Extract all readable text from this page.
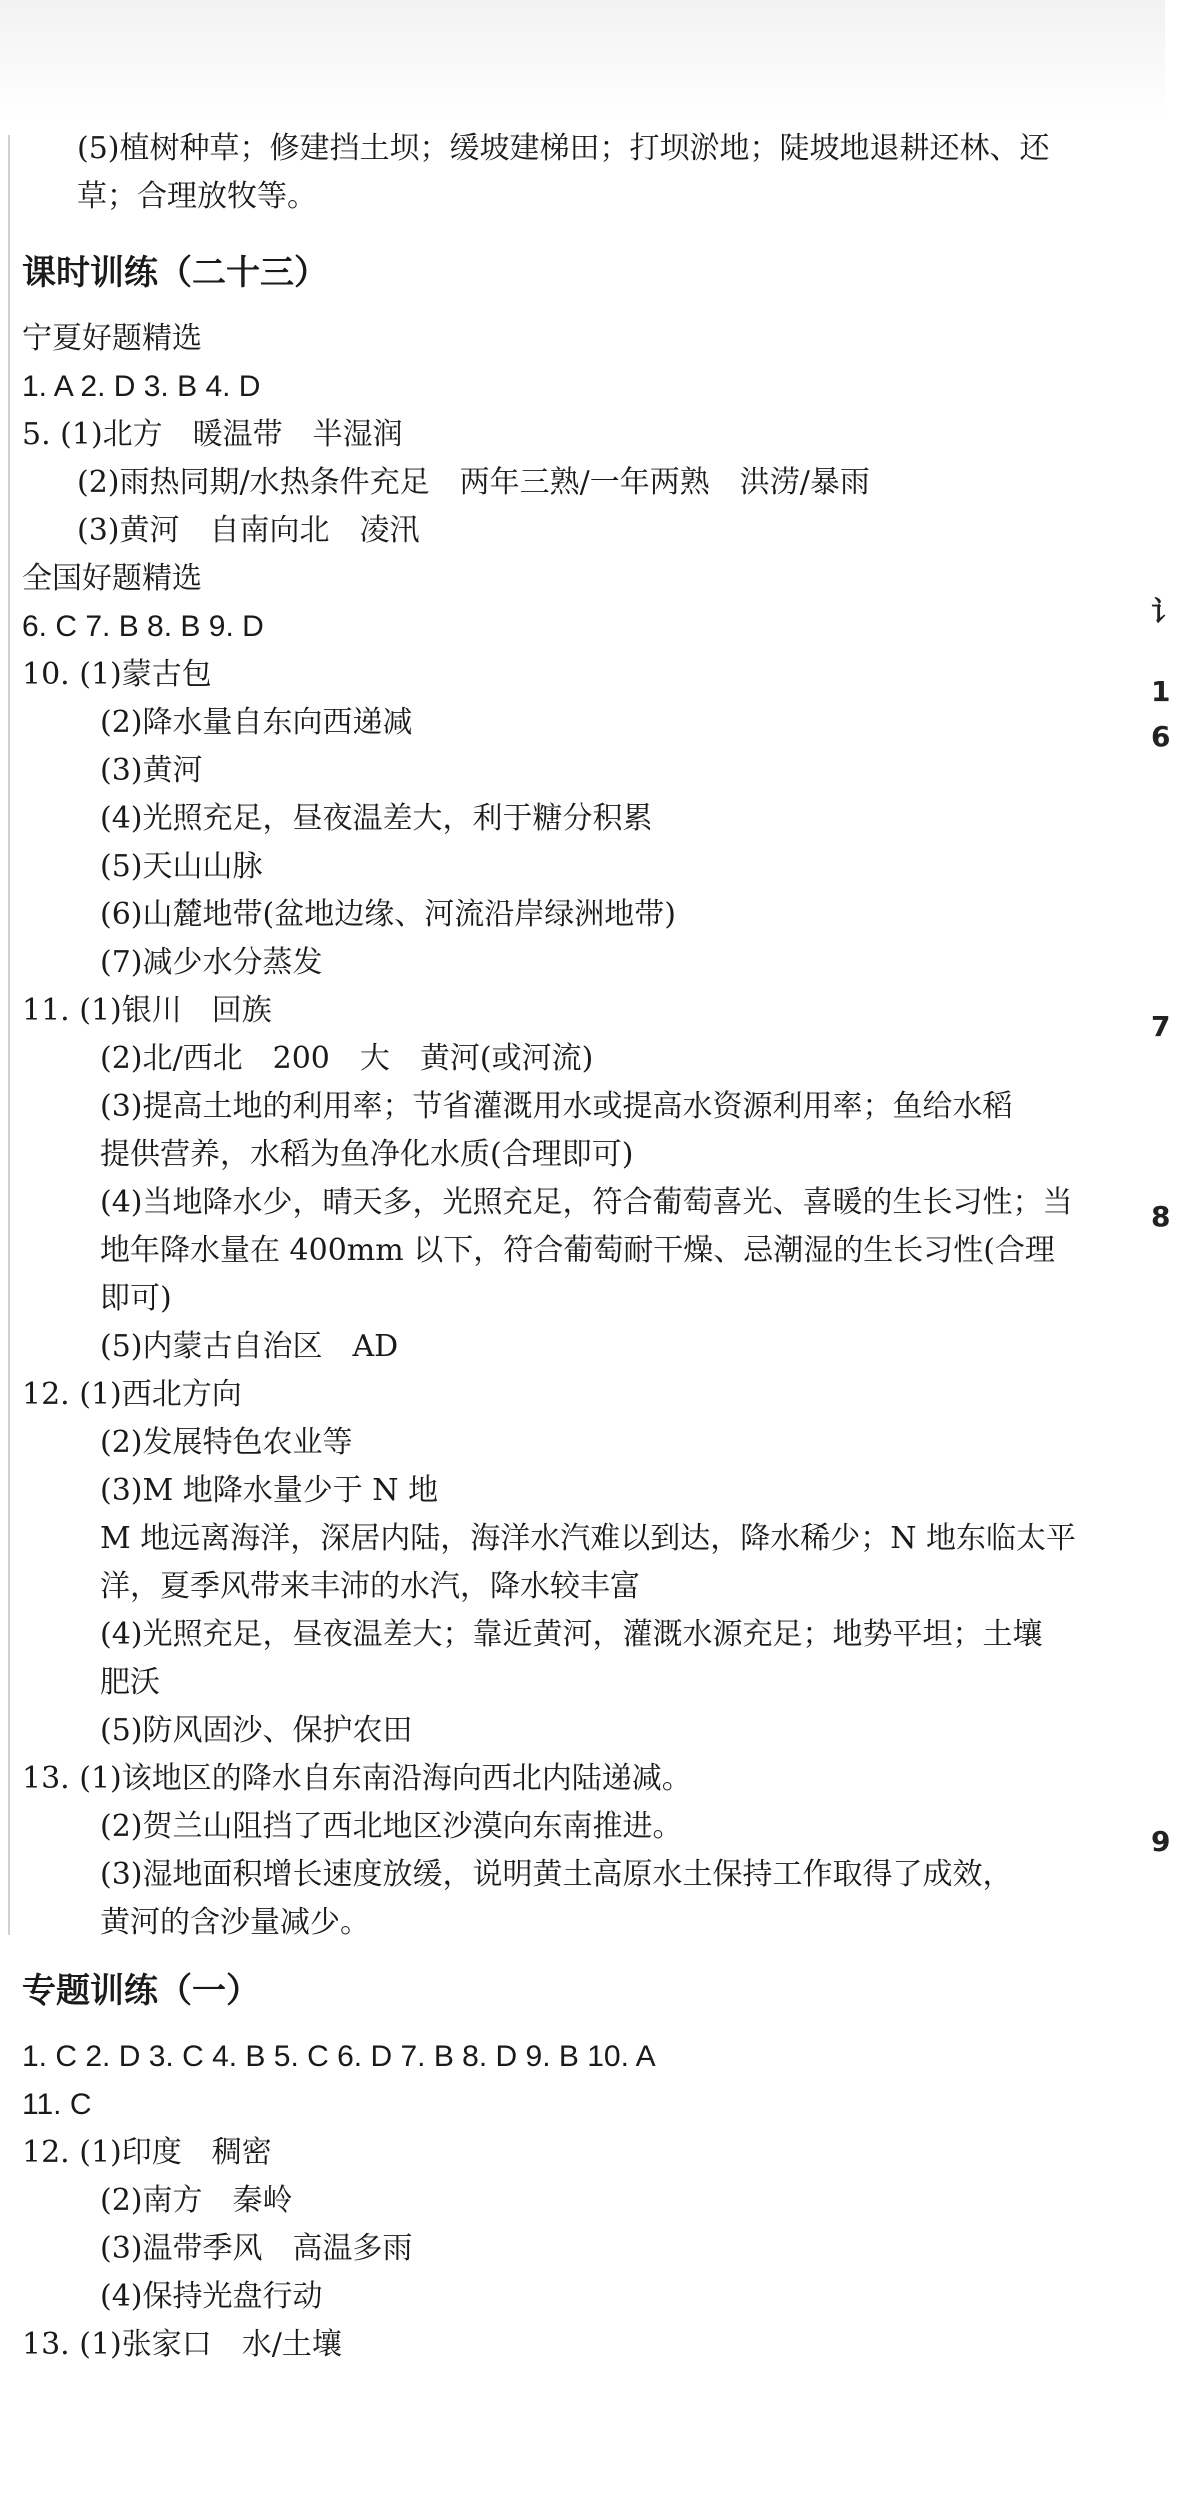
讠
1
6
7
8
9
(5)植树种草；修建挡土坝；缓坡建梯田；打坝淤地；陡坡地退耕还林、还
草；合理放牧等。
课时训练（二十三）
宁夏好题精选
1. A 2. D 3. B 4. D
5. (1)北方　暖温带　半湿润
(2)雨热同期/水热条件充足　两年三熟/一年两熟　洪涝/暴雨
(3)黄河　自南向北　凌汛
全国好题精选
6. C 7. B 8. B 9. D
10. (1)蒙古包
(2)降水量自东向西递减
(3)黄河
(4)光照充足，昼夜温差大，利于糖分积累
(5)天山山脉
(6)山麓地带(盆地边缘、河流沿岸绿洲地带)
(7)减少水分蒸发
11. (1)银川　回族
(2)北/西北　200　大　黄河(或河流)
(3)提高土地的利用率；节省灌溉用水或提高水资源利用率；鱼给水稻
提供营养，水稻为鱼净化水质(合理即可)
(4)当地降水少，晴天多，光照充足，符合葡萄喜光、喜暖的生长习性；当
地年降水量在 400mm 以下，符合葡萄耐干燥、忌潮湿的生长习性(合理
即可)
(5)内蒙古自治区　AD
12. (1)西北方向
(2)发展特色农业等
(3)M 地降水量少于 N 地
M 地远离海洋，深居内陆，海洋水汽难以到达，降水稀少；N 地东临太平
洋，夏季风带来丰沛的水汽，降水较丰富
(4)光照充足，昼夜温差大；靠近黄河，灌溉水源充足；地势平坦；土壤
肥沃
(5)防风固沙、保护农田
13. (1)该地区的降水自东南沿海向西北内陆递减。
(2)贺兰山阻挡了西北地区沙漠向东南推进。
(3)湿地面积增长速度放缓，说明黄土高原水土保持工作取得了成效，
黄河的含沙量减少。
专题训练（一）
1. C 2. D 3. C 4. B 5. C 6. D 7. B 8. D 9. B 10. A
11. C
12. (1)印度　稠密
(2)南方　秦岭
(3)温带季风　高温多雨
(4)保持光盘行动
13. (1)张家口　水/土壤
